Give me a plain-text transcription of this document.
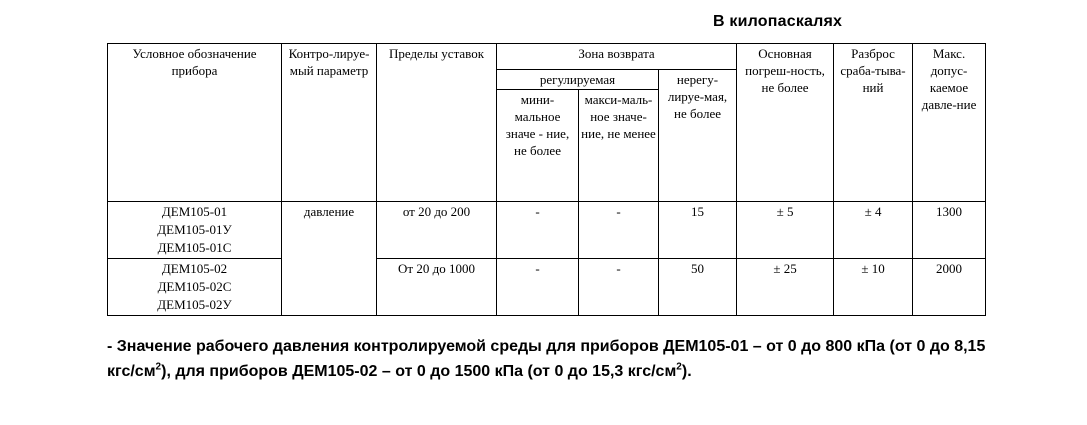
В килопаскалях
Условное обозначение прибора	Контро-лируе-мый параметр	Пределы уставок	Зона возврата			Основная погреш-ность, не более	Разброс сраба-тыва-ний	Макс. допус-каемое давле-ние
			регулируемая		нерегу-лируе-мая, не более			
			мини-мальное значе - ние, не более	макси-маль-ное значе-ние, не менее				

ДЕМ105-01
ДЕМ105-01У
ДЕМ105-01С	давление	от 20 до 200	-	-	15	± 5	± 4	1300

ДЕМ105-02
ДЕМ105-02С
ДЕМ105-02У		От 20 до 1000	-	-	50	± 25	± 10	2000
- Значение рабочего давления контролируемой среды для приборов ДЕМ105-01 – от 0 до 800 кПа (от 0 до 8,15 кгс/$см^2$), для приборов ДЕМ105-02 – от 0 до 1500 кПа (от 0 до 15,3 кгс/$см^2$).
